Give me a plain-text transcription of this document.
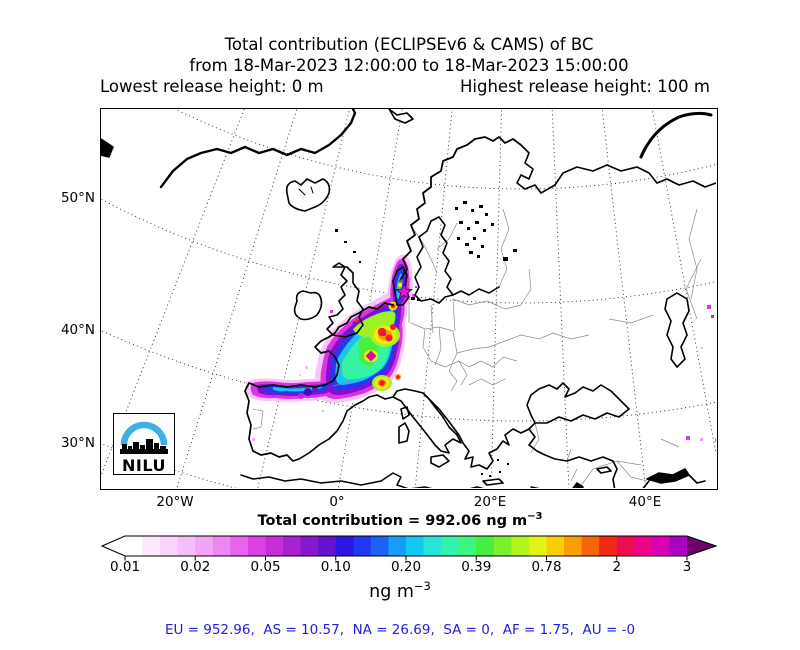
Total contribution (ECLIPSEv6 & CAMS) of BC
from 18-Mar-2023 12:00:00 to 18-Mar-2023 15:00:00
Lowest release height: 0 m	Highest release height: 100 m
NILU
50°N
40°N
30°N
20°W	0°	20°E	40°E
Total contribution = 992.06 ng $m^{-3}$
0.01	0.02	0.05	0.10	0.20	0.39	0.78	2	3
ng $m^{-3}$
EU = 952.96,  AS = 10.57,  NA = 26.69,  SA = 0,  AF = 1.75,  AU = -0
